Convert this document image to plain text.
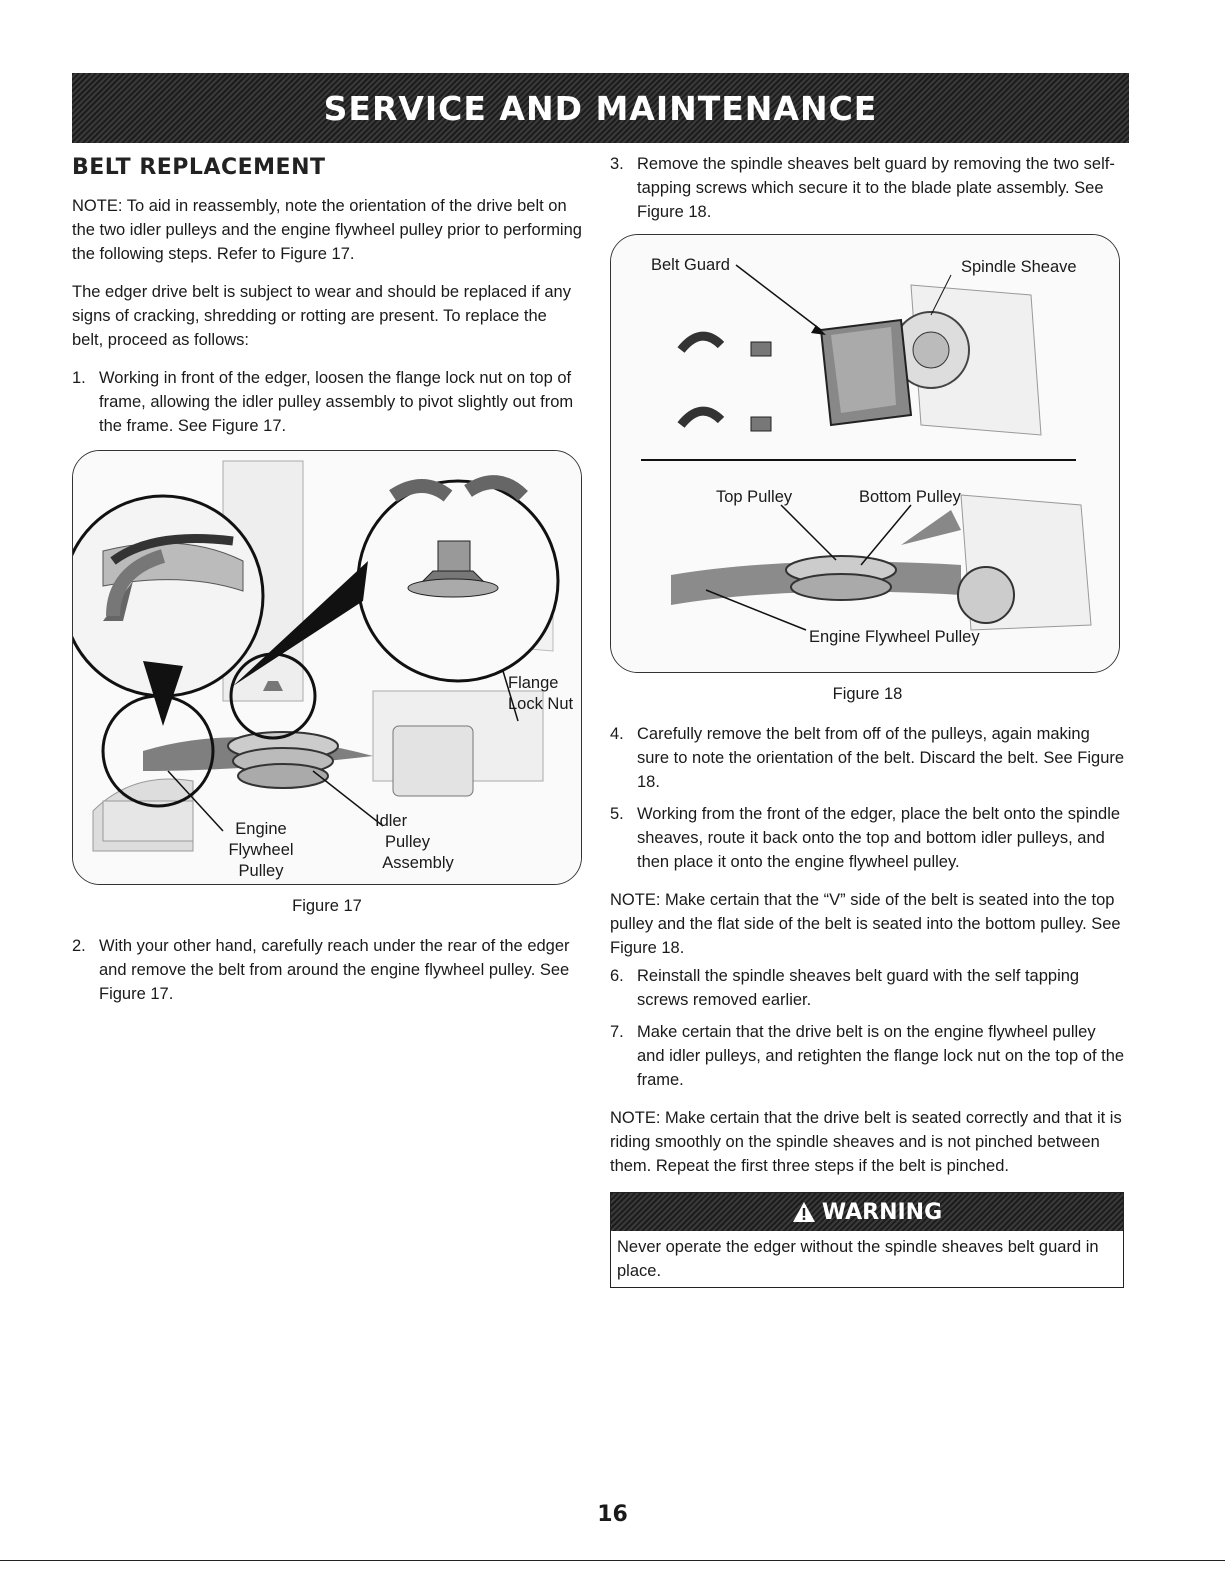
SERVICE AND MAINTENANCE
BELT REPLACEMENT

NOTE: To aid in reassembly, note the orientation of the drive belt on the two idler pulleys and the engine flywheel pulley prior to performing the following steps. Refer to Figure 17.

The edger drive belt is subject to wear and should be replaced if any signs of cracking, shredding or rotting are present. To replace the belt, proceed as follows:

1. Working in front of the edger, loosen the flange lock nut on top of frame, allowing the idler pulley assembly to pivot slightly out from the frame. See Figure 17.
Flange
Lock Nut
Engine
Flywheel
Pulley
Idler
Pulley
Assembly
Figure 17
2. With your other hand, carefully reach under the rear of the edger and remove the belt from around the engine flywheel pulley. See Figure 17.
3. Remove the spindle sheaves belt guard by removing the two self-tapping screws which secure it to the blade plate assembly. See Figure 18.
Belt Guard	Spindle Sheave
Top Pulley	Bottom Pulley
Engine Flywheel Pulley
Figure 18
4. Carefully remove the belt from off of the pulleys, again making sure to note the orientation of the belt. Discard the belt. See Figure 18.
5. Working from the front of the edger, place the belt onto the spindle sheaves, route it back onto the top and bottom idler pulleys, and then place it onto the engine flywheel pulley.

NOTE: Make certain that the “V” side of the belt is seated into the top pulley and the flat side of the belt is seated into the bottom pulley. See Figure 18.

6. Reinstall the spindle sheaves belt guard with the self tapping screws removed earlier.
7. Make certain that the drive belt is on the engine flywheel pulley and idler pulleys, and retighten the flange lock nut on the top of the frame.

NOTE: Make certain that the drive belt is seated correctly and that it is riding smoothly on the spindle sheaves and is not pinched between them. Repeat the first three steps if the belt is pinched.

WARNING
Never operate the edger without the spindle sheaves belt guard in place.
16
